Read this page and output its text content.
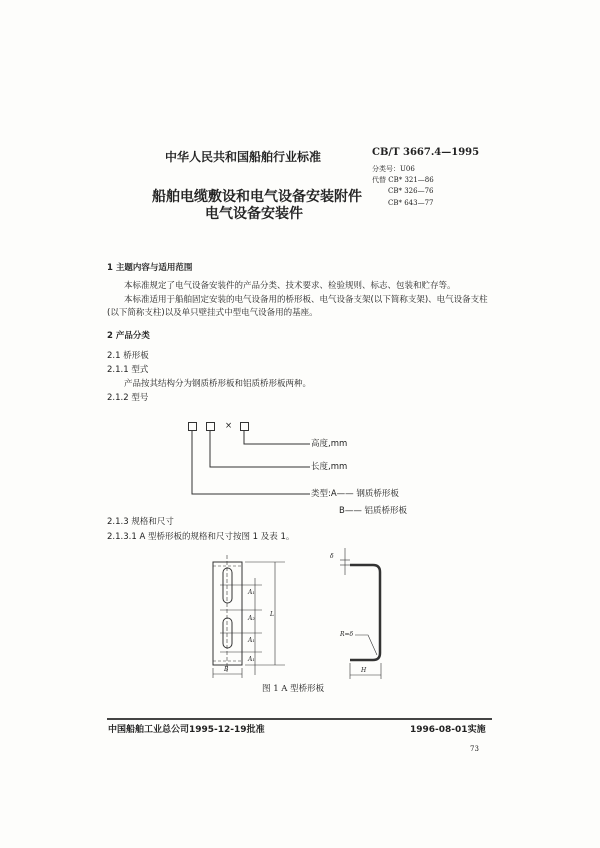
中华人民共和国船舶行业标准
船舶电缆敷设和电气设备安装附件
电气设备安装件
CB/T 3667.4—1995
分类号：U06
代替 CB* 321—86
CB* 326—76
CB* 643—77
1 主题内容与适用范围
本标准规定了电气设备安装件的产品分类、技术要求、检验规则、标志、包装和贮存等。
本标准适用于船舶固定安装的电气设备用的桥形板、电气设备支架(以下简称支架)、电气设备支柱
(以下简称支柱)以及单只壁挂式中型电气设备用的基座。
2 产品分类
2.1 桥形板
2.1.1 型式
产品按其结构分为钢质桥形板和铝质桥形板两种。
2.1.2 型号
×
高度,mm
长度,mm
类型:A—— 钢质桥形板
B—— 铝质桥形板
2.1.3 规格和尺寸
2.1.3.1 A 型桥形板的规格和尺寸按图 1 及表 1。
A₁
A₂
A₁
A₁
L
B	H
δ
R=δ
图 1 A 型桥形板
中国船舶工业总公司1995-12-19批准	1996-08-01实施
73
